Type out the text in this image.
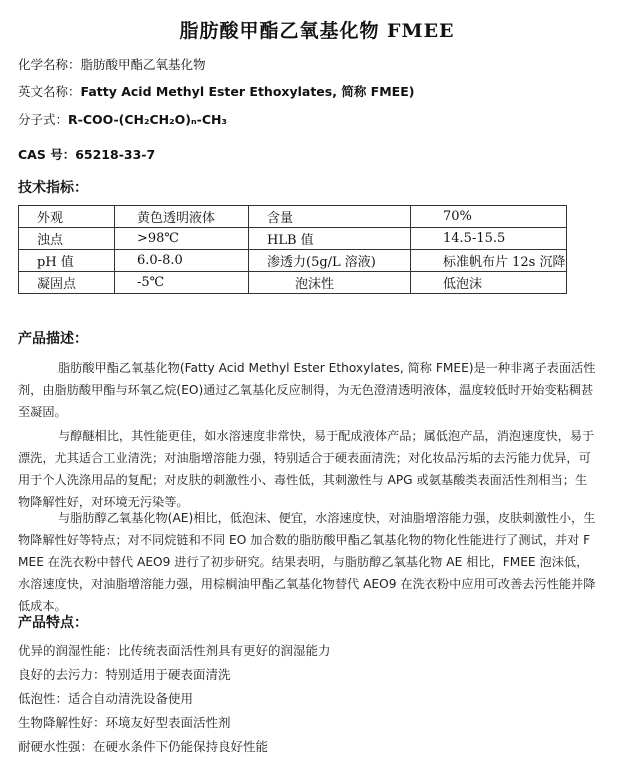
脂肪酸甲酯乙氧基化物 FMEE
化学名称：脂肪酸甲酯乙氧基化物
英文名称：Fatty Acid Methyl Ester Ethoxylates, 简称 FMEE)
分子式：R-COO-(CH₂CH₂O)ₙ-CH₃
CAS 号：65218-33-7
技术指标：
外观	黄色透明液体	含量	70%
浊点	>98℃	HLB 值	14.5-15.5
pH 值	6.0-8.0	渗透力(5g/L 溶液)	标准帆布片 12s 沉降
凝固点	-5℃	泡沫性	低泡沫
产品描述：
脂肪酸甲酯乙氧基化物(Fatty Acid Methyl Ester Ethoxylates, 简称 FMEE)是一种非离子表面活性剂，由脂肪酸甲酯与环氧乙烷(EO)通过乙氧基化反应制得，为无色澄清透明液体，温度较低时开始变粘稠甚至凝固。
与醇醚相比，其性能更佳，如水溶速度非常快，易于配成液体产品；属低泡产品，消泡速度快，易于漂洗，尤其适合工业清洗；对油脂增溶能力强，特别适合于硬表面清洗；对化妆品污垢的去污能力优异，可用于个人洗涤用品的复配；对皮肤的刺激性小、毒性低，其刺激性与 APG 或氨基酸类表面活性剂相当；生物降解性好，对环境无污染等。
与脂肪醇乙氧基化物(AE)相比，低泡沫、便宜，水溶速度快，对油脂增溶能力强，皮肤刺激性小，生物降解性好等特点；对不同烷链和不同 EO 加合数的脂肪酸甲酯乙氧基化物的物化性能进行了测试，并对 FMEE 在洗衣粉中替代 AEO9 进行了初步研究。结果表明，与脂肪醇乙氧基化物 AE 相比，FMEE 泡沫低，水溶速度快，对油脂增溶能力强，用棕榈油甲酯乙氧基化物替代 AEO9 在洗衣粉中应用可改善去污性能并降低成本。
产品特点：
优异的润湿性能：比传统表面活性剂具有更好的润湿能力
良好的去污力：特别适用于硬表面清洗
低泡性：适合自动清洗设备使用
生物降解性好：环境友好型表面活性剂
耐硬水性强：在硬水条件下仍能保持良好性能
